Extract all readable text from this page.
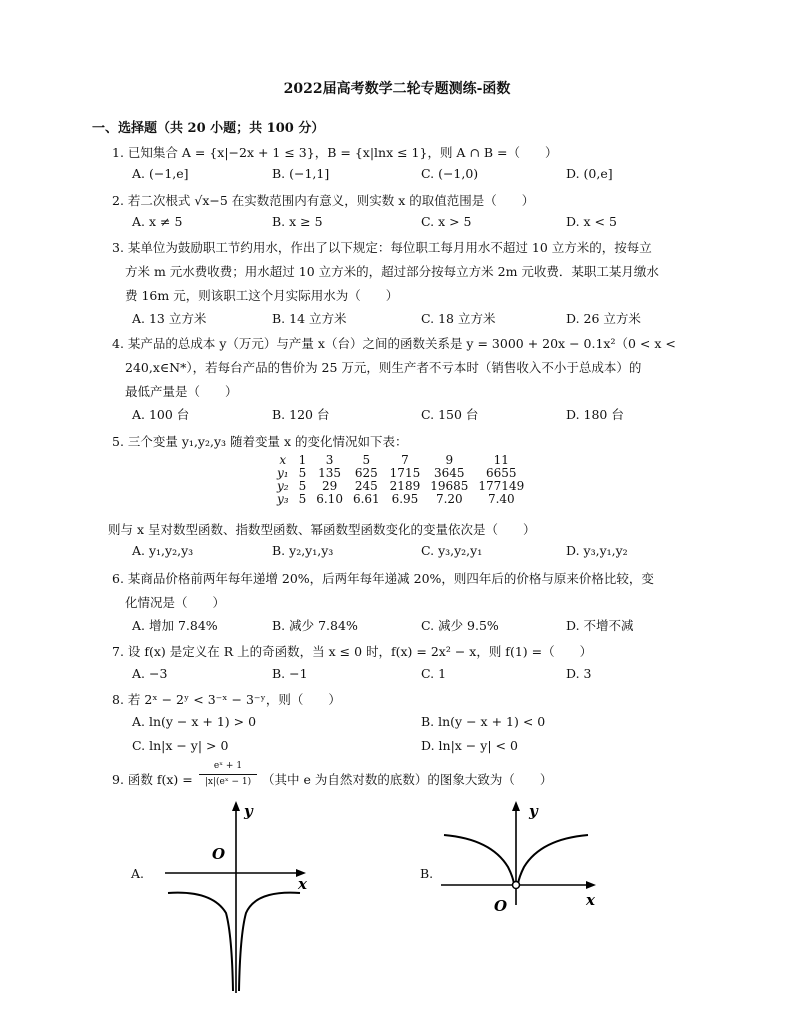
2022届高考数学二轮专题测练-函数
一、选择题（共 20 小题；共 100 分）
1. 已知集合 A = {x|−2x + 1 ≤ 3}，B = {x|lnx ≤ 1}，则 A ∩ B =（　　）
A. (−1,e]	B. (−1,1]	C. (−1,0)	D. (0,e]
2. 若二次根式 √x−5 在实数范围内有意义，则实数 x 的取值范围是（　　）
A. x ≠ 5	B. x ≥ 5	C. x > 5	D. x < 5
3. 某单位为鼓励职工节约用水，作出了以下规定：每位职工每月用水不超过 10 立方米的，按每立
方米 m 元水费收费；用水超过 10 立方米的，超过部分按每立方米 2m 元收费．某职工某月缴水
费 16m 元，则该职工这个月实际用水为（　　）
A. 13 立方米	B. 14 立方米	C. 18 立方米	D. 26 立方米
4. 某产品的总成本 y（万元）与产量 x（台）之间的函数关系是 y = 3000 + 20x − 0.1x²（0 < x <
240,x∈N*），若每台产品的售价为 25 万元，则生产者不亏本时（销售收入不小于总成本）的
最低产量是（　　）
A. 100 台	B. 120 台	C. 150 台	D. 180 台
5. 三个变量 y₁,y₂,y₃ 随着变量 x 的变化情况如下表：
x	1	3	5	7	9	11
y₁	5	135	625	1715	3645	6655
y₂	5	29	245	2189	19685	177149
y₃	5	6.10	6.61	6.95	7.20	7.40
则与 x 呈对数型函数、指数型函数、幂函数型函数变化的变量依次是（　　）
A. y₁,y₂,y₃	B. y₂,y₁,y₃	C. y₃,y₂,y₁	D. y₃,y₁,y₂
6. 某商品价格前两年每年递增 20%，后两年每年递减 20%，则四年后的价格与原来价格比较，变
化情况是（　　）
A. 增加 7.84%	B. 减少 7.84%	C. 减少 9.5%	D. 不增不减
7. 设 f(x) 是定义在 R 上的奇函数，当 x ≤ 0 时，f(x) = 2x² − x，则 f(1) =（　　）
A. −3	B. −1	C. 1	D. 3
8. 若 2ˣ − 2ʸ < 3⁻ˣ − 3⁻ʸ，则（　　）
A. ln(y − x + 1) > 0	B. ln(y − x + 1) < 0
C. ln|x − y| > 0	D. ln|x − y| < 0
9. 函数 f(x) =
eˣ + 1
|x|(eˣ − 1) （其中 e 为自然对数的底数）的图象大致为（　　）
A.
y
O
x
B.
y
O	x
